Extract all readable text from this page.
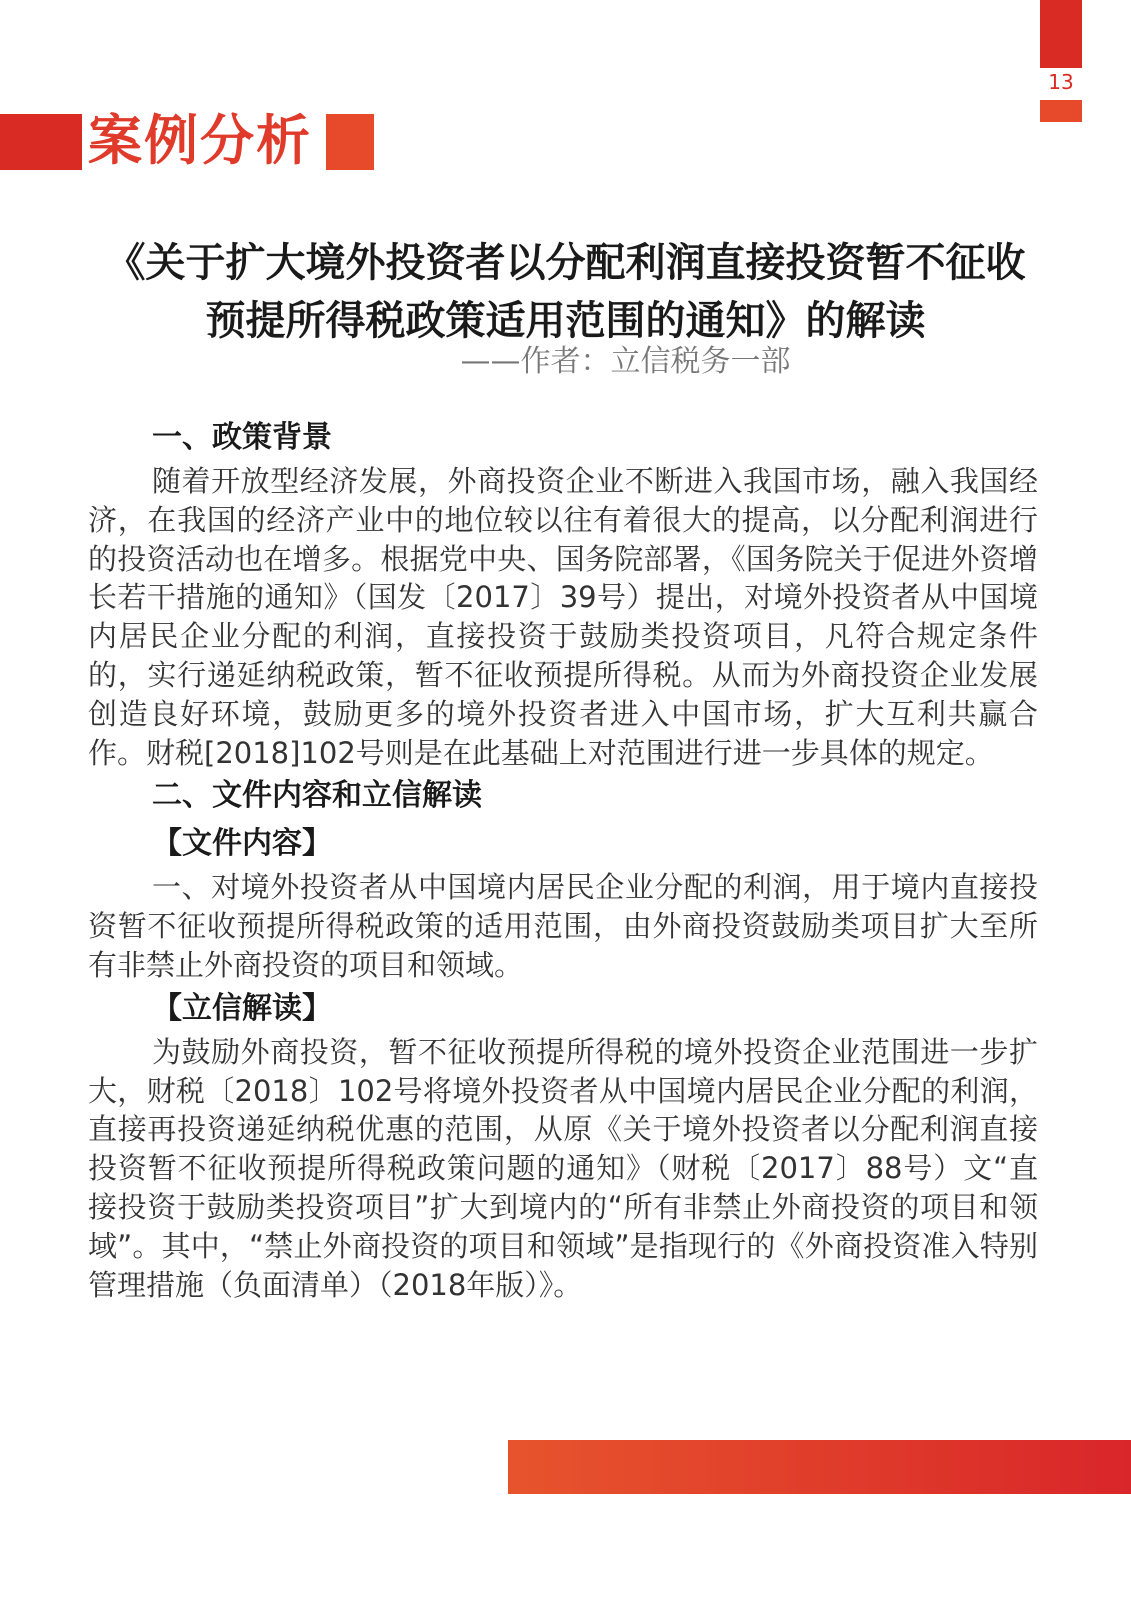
13
案例分析
《关于扩大境外投资者以分配利润直接投资暂不征收
预提所得税政策适用范围的通知》的解读
——作者：立信税务一部
一、政策背景

随着开放型经济发展，外商投资企业不断进入我国市场，融入我国经济，在我国的经济产业中的地位较以往有着很大的提高，以分配利润进行的投资活动也在增多。根据党中央、国务院部署，《国务院关于促进外资增长若干措施的通知》（国发〔2017〕39号）提出，对境外投资者从中国境内居民企业分配的利润，直接投资于鼓励类投资项目，凡符合规定条件的，实行递延纳税政策，暂不征收预提所得税。从而为外商投资企业发展创造良好环境，鼓励更多的境外投资者进入中国市场，扩大互利共赢合作。财税[2018]102号则是在此基础上对范围进行进一步具体的规定。

二、文件内容和立信解读
【文件内容】

一、对境外投资者从中国境内居民企业分配的利润，用于境内直接投资暂不征收预提所得税政策的适用范围，由外商投资鼓励类项目扩大至所有非禁止外商投资的项目和领域。

【立信解读】

为鼓励外商投资，暂不征收预提所得税的境外投资企业范围进一步扩大，财税〔2018〕102号将境外投资者从中国境内居民企业分配的利润，直接再投资递延纳税优惠的范围，从原《关于境外投资者以分配利润直接投资暂不征收预提所得税政策问题的通知》（财税〔2017〕88号）文“直接投资于鼓励类投资项目”扩大到境内的“所有非禁止外商投资的项目和领域”。其中，“禁止外商投资的项目和领域”是指现行的《外商投资准入特别管理措施（负面清单）（2018年版）》。
